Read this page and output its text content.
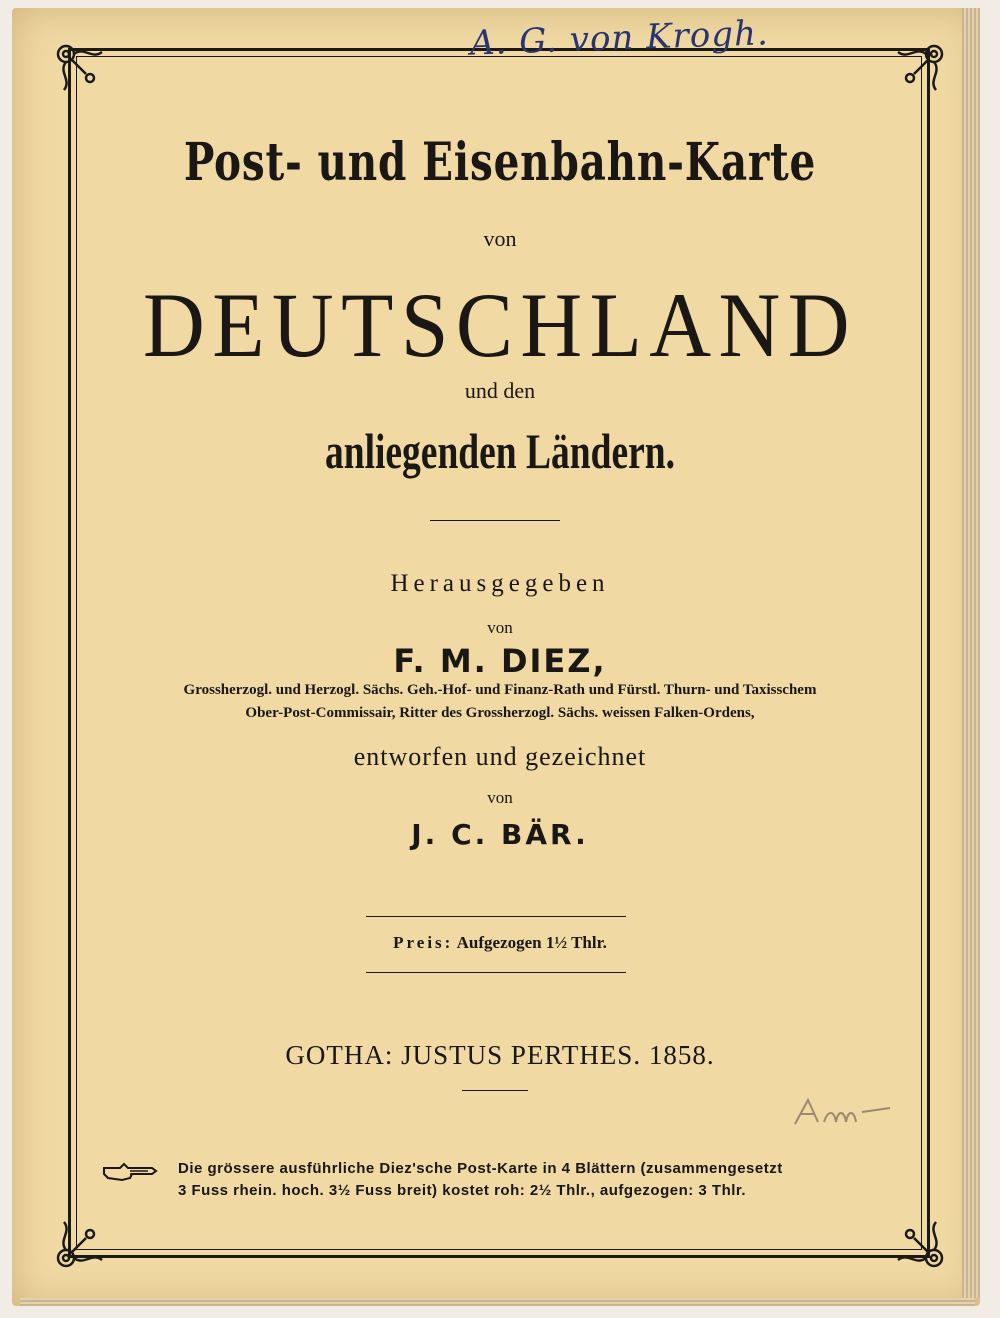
A. G. von Krogh.
Post- und Eisenbahn-Karte
von
DEUTSCHLAND
und den
anliegenden Ländern.
Herausgegeben
von
F. M. DIEZ,
Grossherzogl. und Herzogl. Sächs. Geh.-Hof- und Finanz-Rath und Fürstl. Thurn- und Taxisschem
Ober-Post-Commissair, Ritter des Grossherzogl. Sächs. weissen Falken-Ordens,
entworfen und gezeichnet
von
J. C. BÄR.
Preis: Aufgezogen 1½ Thlr.
GOTHA: JUSTUS PERTHES. 1858.
Die grössere ausführliche Diez'sche Post-Karte in 4 Blättern (zusammengesetzt
3 Fuss rhein. hoch. 3½ Fuss breit) kostet roh: 2½ Thlr., aufgezogen: 3 Thlr.
